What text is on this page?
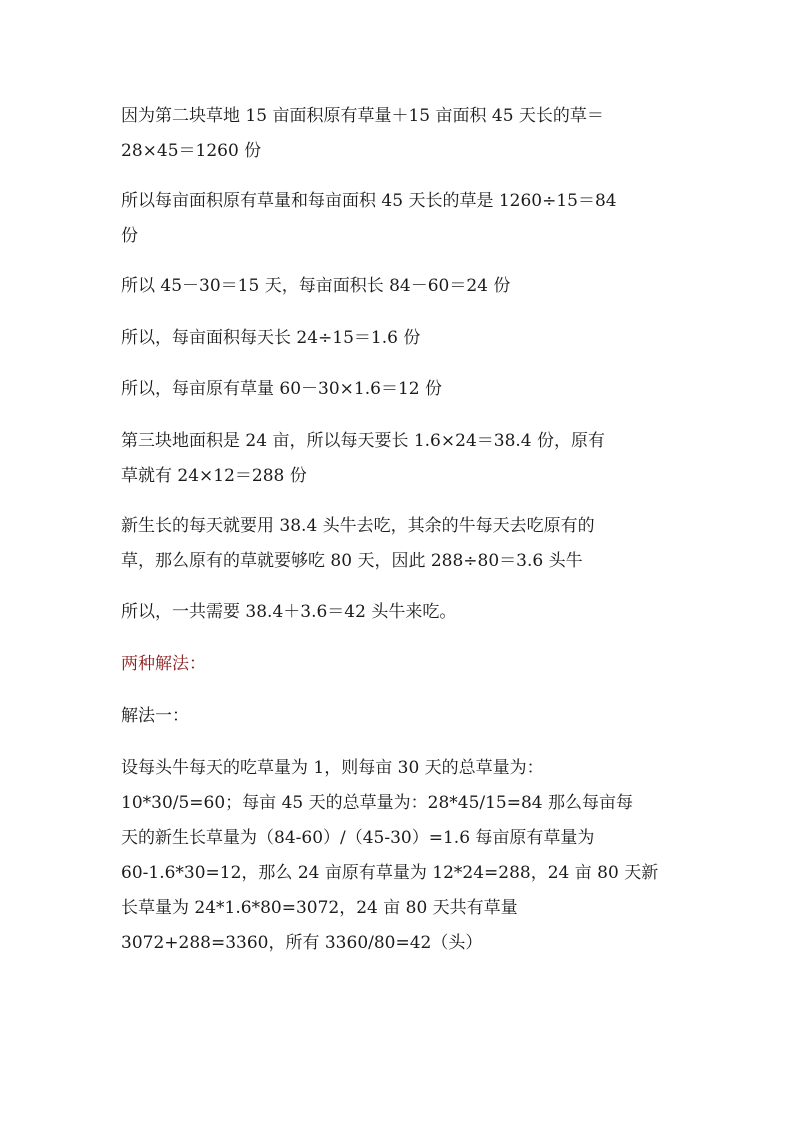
因为第二块草地 15 亩面积原有草量＋15 亩面积 45 天长的草＝
28×45＝1260 份

所以每亩面积原有草量和每亩面积 45 天长的草是 1260÷15＝84
份

所以 45－30＝15 天，每亩面积长 84－60＝24 份

所以，每亩面积每天长 24÷15＝1.6 份

所以，每亩原有草量 60－30×1.6＝12 份

第三块地面积是 24 亩，所以每天要长 1.6×24＝38.4 份，原有
草就有 24×12＝288 份

新生长的每天就要用 38.4 头牛去吃，其余的牛每天去吃原有的
草，那么原有的草就要够吃 80 天，因此 288÷80＝3.6 头牛

所以，一共需要 38.4＋3.6＝42 头牛来吃。

两种解法：

解法一：

设每头牛每天的吃草量为 1，则每亩 30 天的总草量为：
10*30/5=60；每亩 45 天的总草量为：28*45/15=84 那么每亩每
天的新生长草量为（84-60）/（45-30）=1.6 每亩原有草量为
60-1.6*30=12，那么 24 亩原有草量为 12*24=288，24 亩 80 天新
长草量为 24*1.6*80=3072，24 亩 80 天共有草量
3072+288=3360，所有 3360/80=42（头）
